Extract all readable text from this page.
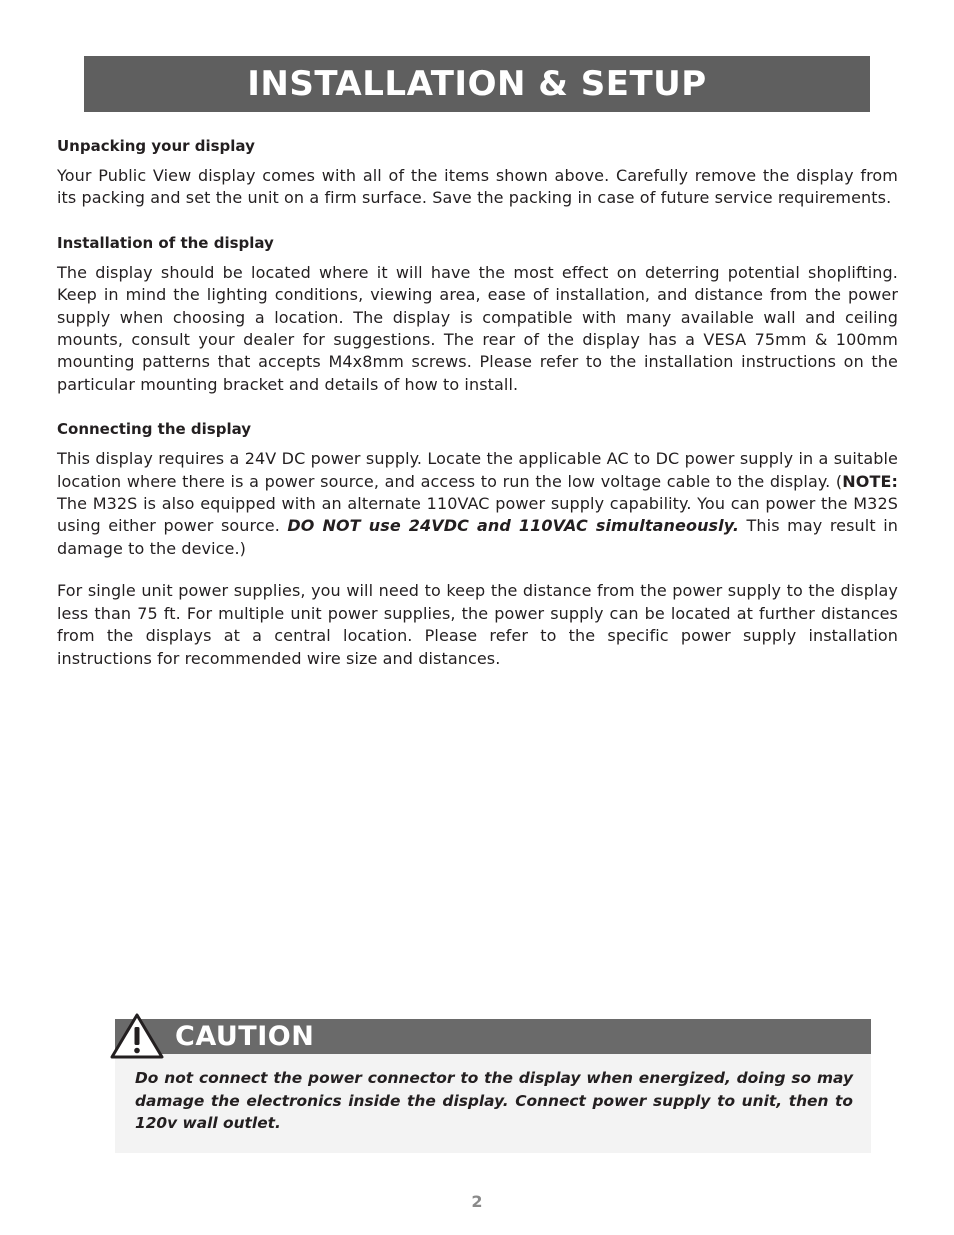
INSTALLATION & SETUP

Unpacking your display

Your Public View display comes with all of the items shown above. Carefully remove the display from its packing and set the unit on a firm surface. Save the packing in case of future service requirements.

Installation of the display

The display should be located where it will have the most effect on deterring potential shoplifting. Keep in mind the lighting conditions, viewing area, ease of installation, and distance from the power supply when choosing a location. The display is compatible with many available wall and ceiling mounts, consult your dealer for suggestions. The rear of the display has a VESA 75mm & 100mm mounting patterns that accepts M4x8mm screws. Please refer to the installation instructions on the particular mounting bracket and details of how to install.

Connecting the display

This display requires a 24V DC power supply. Locate the applicable AC to DC power supply in a suitable location where there is a power source, and access to run the low voltage cable to the display. (NOTE: The M32S is also equipped with an alternate 110VAC power supply capability. You can power the M32S using either power source. DO NOT use 24VDC and 110VAC simultaneously. This may result in damage to the device.)

For single unit power supplies, you will need to keep the distance from the power supply to the display less than 75 ft. For multiple unit power supplies, the power supply can be located at further distances from the displays at a central location. Please refer to the specific power supply installation instructions for recommended wire size and distances.

CAUTION

Do not connect the power connector to the display when energized, doing so may damage the electronics inside the display. Connect power supply to unit, then to 120v wall outlet.

2
